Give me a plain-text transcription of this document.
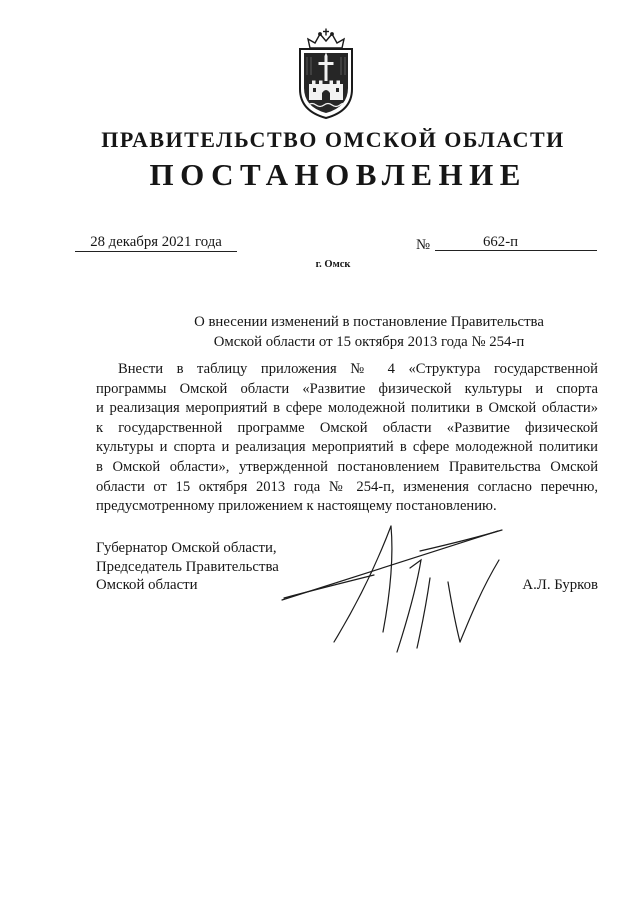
ПРАВИТЕЛЬСТВО ОМСКОЙ ОБЛАСТИ
ПОСТАНОВЛЕНИЕ
28 декабря 2021 года	№	662-п
г. Омск
О внесении изменений в постановление Правительства
Омской области от 15 октября 2013 года № 254-п
Внести в таблицу приложения № 4 «Структура государственной
программы Омской области «Развитие физической культуры и спорта
и реализация мероприятий в сфере молодежной политики в Омской области»
к государственной программе Омской области «Развитие физической
культуры и спорта и реализация мероприятий в сфере молодежной политики
в Омской области», утвержденной постановлением Правительства Омской
области от 15 октября 2013 года № 254-п, изменения согласно перечню,
предусмотренному приложением к настоящему постановлению.
Губернатор Омской области,
Председатель Правительства
Омской области	А.Л. Бурков
